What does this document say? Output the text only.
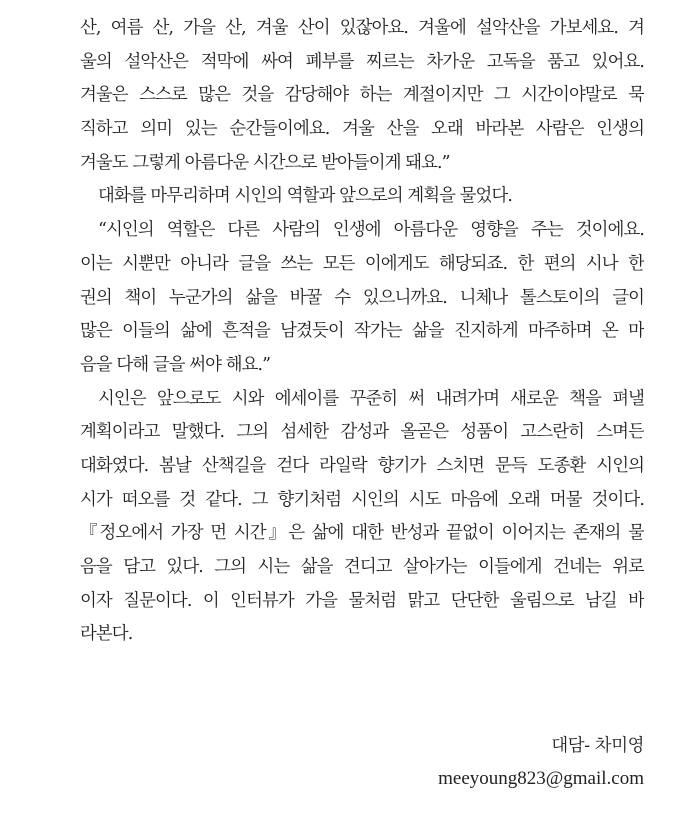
산, 여름 산, 가을 산, 겨울 산이 있잖아요. 겨울에 설악산을 가보세요. 겨
울의 설악산은 적막에 싸여 폐부를 찌르는 차가운 고독을 품고 있어요.
겨울은 스스로 많은 것을 감당해야 하는 계절이지만 그 시간이야말로 묵
직하고 의미 있는 순간들이에요. 겨울 산을 오래 바라본 사람은 인생의
겨울도 그렇게 아름다운 시간으로 받아들이게 돼요.”
대화를 마무리하며 시인의 역할과 앞으로의 계획을 물었다.
“시인의 역할은 다른 사람의 인생에 아름다운 영향을 주는 것이에요.
이는 시뿐만 아니라 글을 쓰는 모든 이에게도 해당되죠. 한 편의 시나 한
권의 책이 누군가의 삶을 바꿀 수 있으니까요. 니체나 톨스토이의 글이
많은 이들의 삶에 흔적을 남겼듯이 작가는 삶을 진지하게 마주하며 온 마
음을 다해 글을 써야 해요.”
시인은 앞으로도 시와 에세이를 꾸준히 써 내려가며 새로운 책을 펴낼
계획이라고 말했다. 그의 섬세한 감성과 올곧은 성품이 고스란히 스며든
대화였다. 봄날 산책길을 걷다 라일락 향기가 스치면 문득 도종환 시인의
시가 떠오를 것 같다. 그 향기처럼 시인의 시도 마음에 오래 머물 것이다.
『정오에서 가장 먼 시간』은 삶에 대한 반성과 끝없이 이어지는 존재의 물
음을 담고 있다. 그의 시는 삶을 견디고 살아가는 이들에게 건네는 위로
이자 질문이다. 이 인터뷰가 가을 물처럼 맑고 단단한 울림으로 남길 바
라본다.
대담- 차미영
meeyoung823@gmail.com
